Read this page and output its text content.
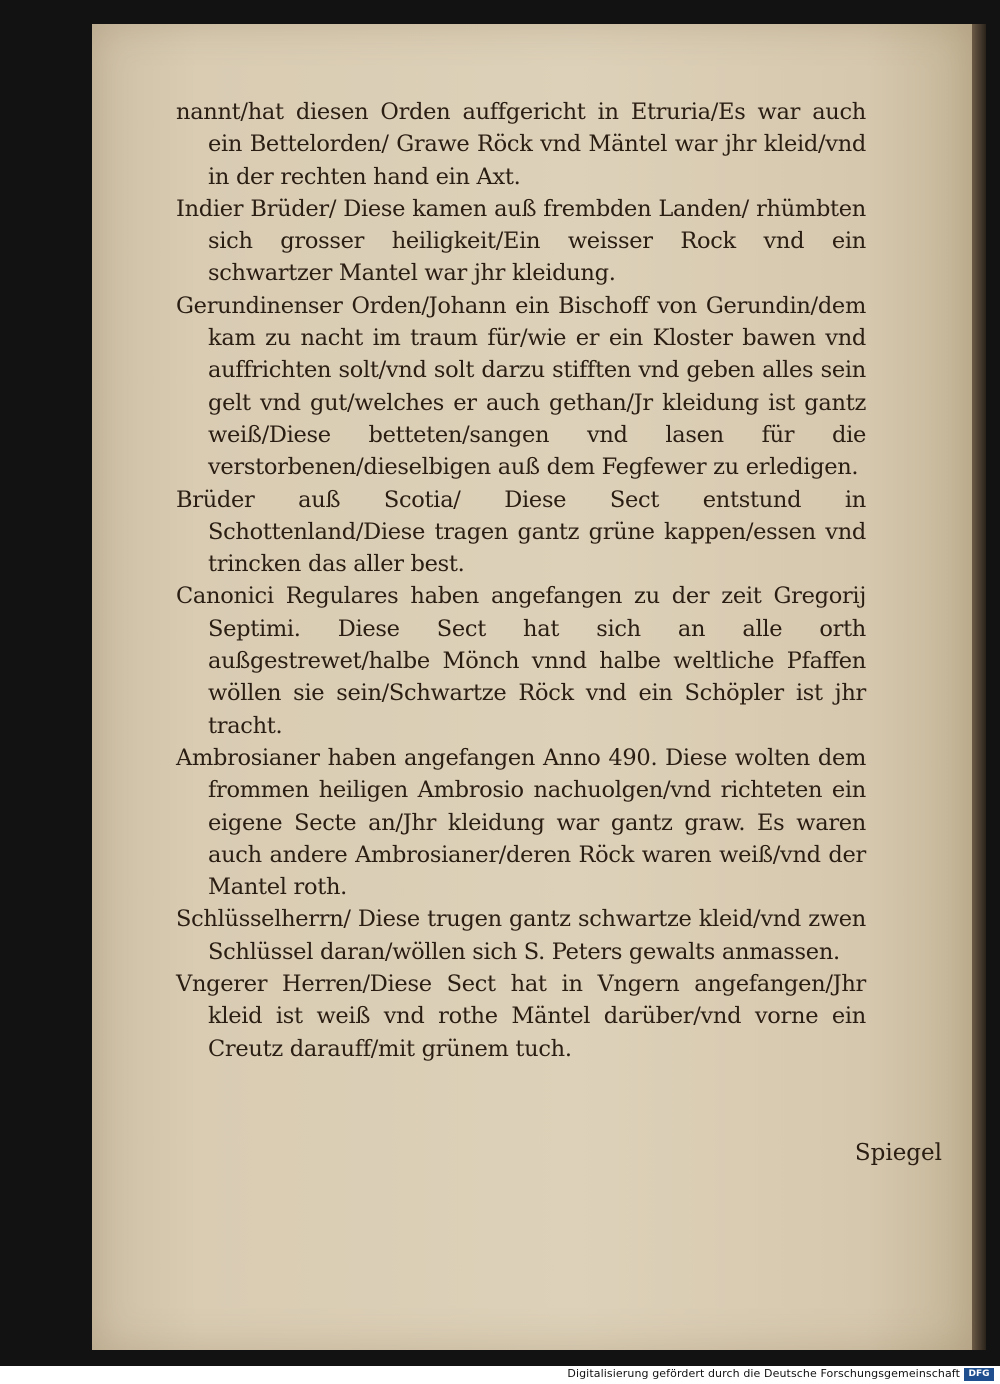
nannt/hat diesen Orden auffgericht in Etruria/Es war auch ein Bettelorden/ Grawe Röck vnd Mäntel war jhr kleid/vnd in der rechten hand ein Axt.

Indier Brüder/ Diese kamen auß frembden Landen/ rhümbten sich grosser heiligkeit/Ein weisser Rock vnd ein schwartzer Mantel war jhr kleidung.

Gerundinenser Orden/Johann ein Bischoff von Gerundin/dem kam zu nacht im traum für/wie er ein Kloster bawen vnd auffrichten solt/vnd solt darzu stifften vnd geben alles sein gelt vnd gut/welches er auch gethan/Jr kleidung ist gantz weiß/Diese betteten/sangen vnd lasen für die verstorbenen/dieselbigen auß dem Fegfewer zu erledigen.

Brüder auß Scotia/ Diese Sect entstund in Schottenland/Diese tragen gantz grüne kappen/essen vnd trincken das aller best.

Canonici Regulares haben angefangen zu der zeit Gregorij Septimi. Diese Sect hat sich an alle orth außgestrewet/halbe Mönch vnnd halbe weltliche Pfaffen wöllen sie sein/Schwartze Röck vnd ein Schöpler ist jhr tracht.

Ambrosianer haben angefangen Anno 490. Diese wolten dem frommen heiligen Ambrosio nachuolgen/vnd richteten ein eigene Secte an/Jhr kleidung war gantz graw. Es waren auch andere Ambrosianer/deren Röck waren weiß/vnd der Mantel roth.

Schlüsselherrn/ Diese trugen gantz schwartze kleid/vnd zwen Schlüssel daran/wöllen sich S. Peters gewalts anmassen.

Vngerer Herren/Diese Sect hat in Vngern angefangen/Jhr kleid ist weiß vnd rothe Mäntel darüber/vnd vorne ein Creutz darauff/mit grünem tuch.

Spiegel
Digitalisierung gefördert durch die Deutsche Forschungsgemeinschaft DFG
